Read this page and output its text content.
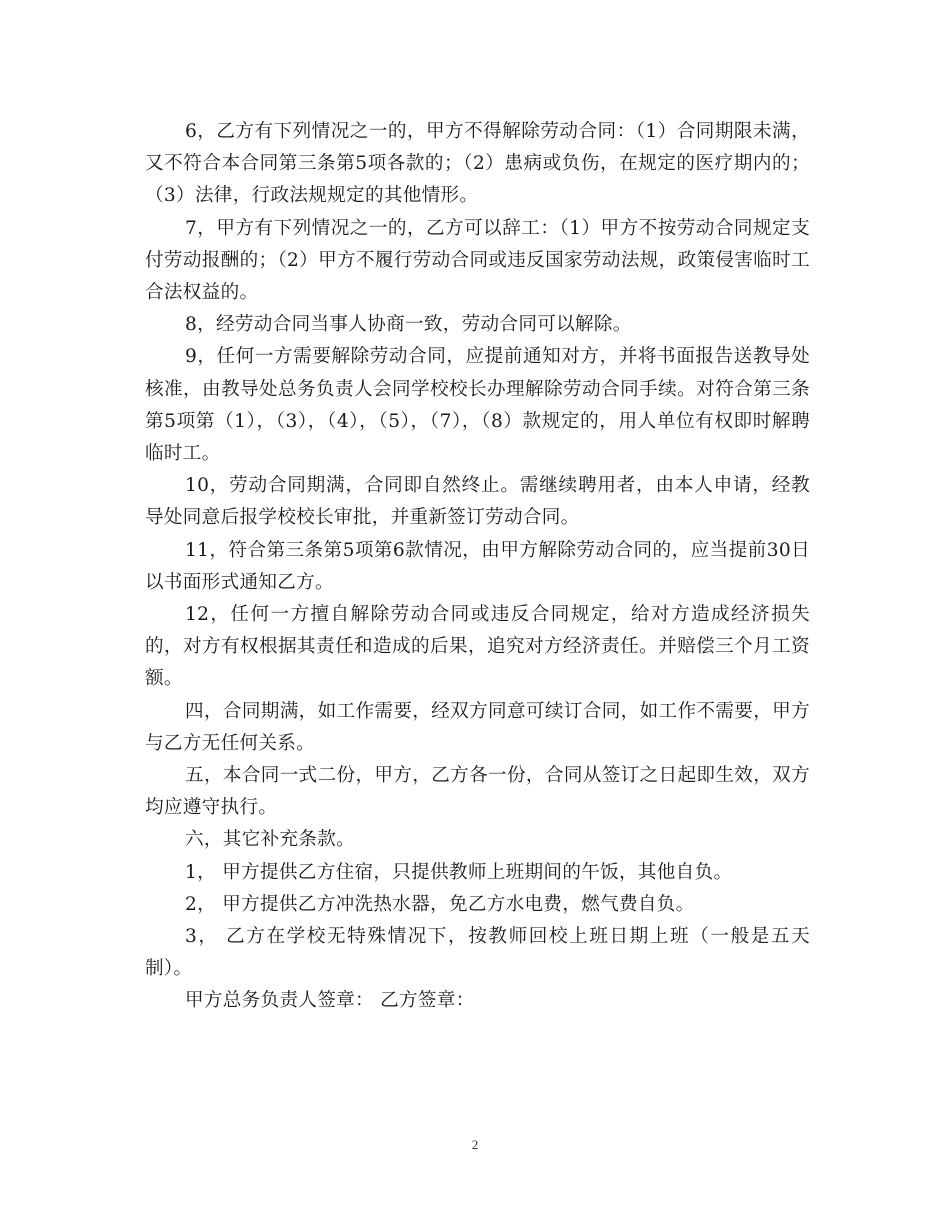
6，乙方有下列情况之一的，甲方不得解除劳动合同：（1）合同期限未满，又不符合本合同第三条第5项各款的；（2）患病或负伤，在规定的医疗期内的；（3）法律，行政法规规定的其他情形。

7，甲方有下列情况之一的，乙方可以辞工：（1）甲方不按劳动合同规定支付劳动报酬的；（2）甲方不履行劳动合同或违反国家劳动法规，政策侵害临时工合法权益的。

8，经劳动合同当事人协商一致，劳动合同可以解除。

9，任何一方需要解除劳动合同，应提前通知对方，并将书面报告送教导处核准，由教导处总务负责人会同学校校长办理解除劳动合同手续。对符合第三条第5项第（1），（3），（4），（5），（7），（8）款规定的，用人单位有权即时解聘临时工。

10，劳动合同期满，合同即自然终止。需继续聘用者，由本人申请，经教导处同意后报学校校长审批，并重新签订劳动合同。

11，符合第三条第5项第6款情况，由甲方解除劳动合同的，应当提前30日以书面形式通知乙方。

12，任何一方擅自解除劳动合同或违反合同规定，给对方造成经济损失的，对方有权根据其责任和造成的后果，追究对方经济责任。并赔偿三个月工资额。

四，合同期满，如工作需要，经双方同意可续订合同，如工作不需要，甲方与乙方无任何关系。

五，本合同一式二份，甲方，乙方各一份，合同从签订之日起即生效，双方均应遵守执行。

六，其它补充条款。

1， 甲方提供乙方住宿，只提供教师上班期间的午饭，其他自负。

2， 甲方提供乙方冲洗热水器，免乙方水电费，燃气费自负。

3， 乙方在学校无特殊情况下，按教师回校上班日期上班（一般是五天制）。

甲方总务负责人签章： 乙方签章：

2
